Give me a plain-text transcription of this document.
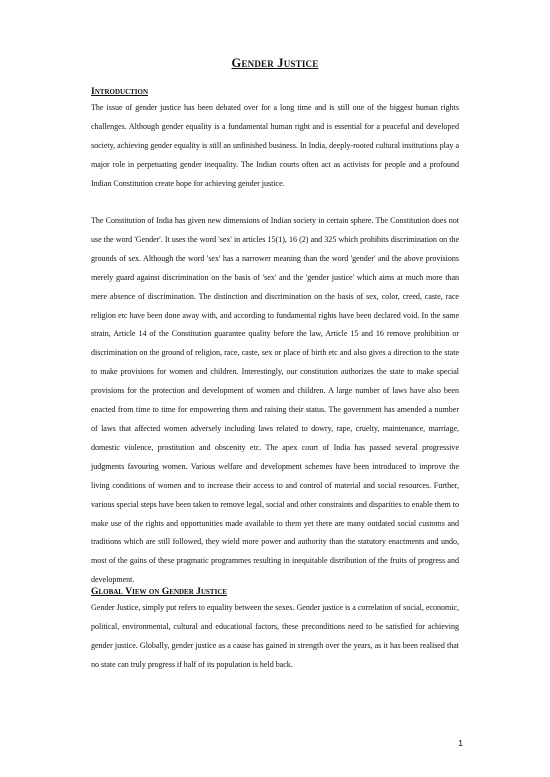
Gender Justice
Introduction

The issue of gender justice has been debated over for a long time and is still one of the biggest human rights challenges. Although gender equality is a fundamental human right and is essential for a peaceful and developed society, achieving gender equality is still an unfinished business. In India, deeply-rooted cultural institutions play a major role in perpetuating gender inequality. The Indian courts often act as activists for people and a profound Indian Constitution create hope for achieving gender justice.

The Constitution of India has given new dimensions of Indian society in certain sphere. The Constitution does not use the word 'Gender'. It uses the word 'sex' in articles 15(1), 16 (2) and 325 which prohibits discrimination on the grounds of sex. Although the word 'sex' has a narrower meaning than the word 'gender' and the above provisions merely guard against discrimination on the basis of 'sex' and the 'gender justice' which aims at much more than mere absence of discrimination. The distinction and discrimination on the basis of sex, color, creed, caste, race religion etc have been done away with, and according to fundamental rights have been declared void. In the same strain, Article 14 of the Constitution guarantee quality before the law, Article 15 and 16 remove prohibition or discrimination on the ground of religion, race, caste, sex or place of birth etc and also gives a direction to the state to make provisions for women and children. Interestingly, our constitution authorizes the state to make special provisions for the protection and development of women and children. A large number of laws have also been enacted from time to time for empowering them and raising their status. The government has amended a number of laws that affected women adversely including laws related to dowry, rape, cruelty, maintenance, marriage, domestic violence, prostitution and obscenity etc. The apex court of India has passed several progressive judgments favouring women. Various welfare and development schemes have been introduced to improve the living conditions of women and to increase their access to and control of material and social resources. Further, various special steps have been taken to remove legal, social and other constraints and disparities to enable them to make use of the rights and opportunities made available to them yet there are many outdated social customs and traditions which are still followed, they wield more power and authority than the statutory enactments and undo, most of the gains of these pragmatic programmes resulting in inequitable distribution of the fruits of progress and development.

Global View on Gender Justice

Gender Justice, simply put refers to equality between the sexes. Gender justice is a correlation of social, economic, political, environmental, cultural and educational factors, these preconditions need to be satisfied for achieving gender justice. Globally, gender justice as a cause has gained in strength over the years, as it has been realised that no state can truly progress if half of its population is held back.

1
